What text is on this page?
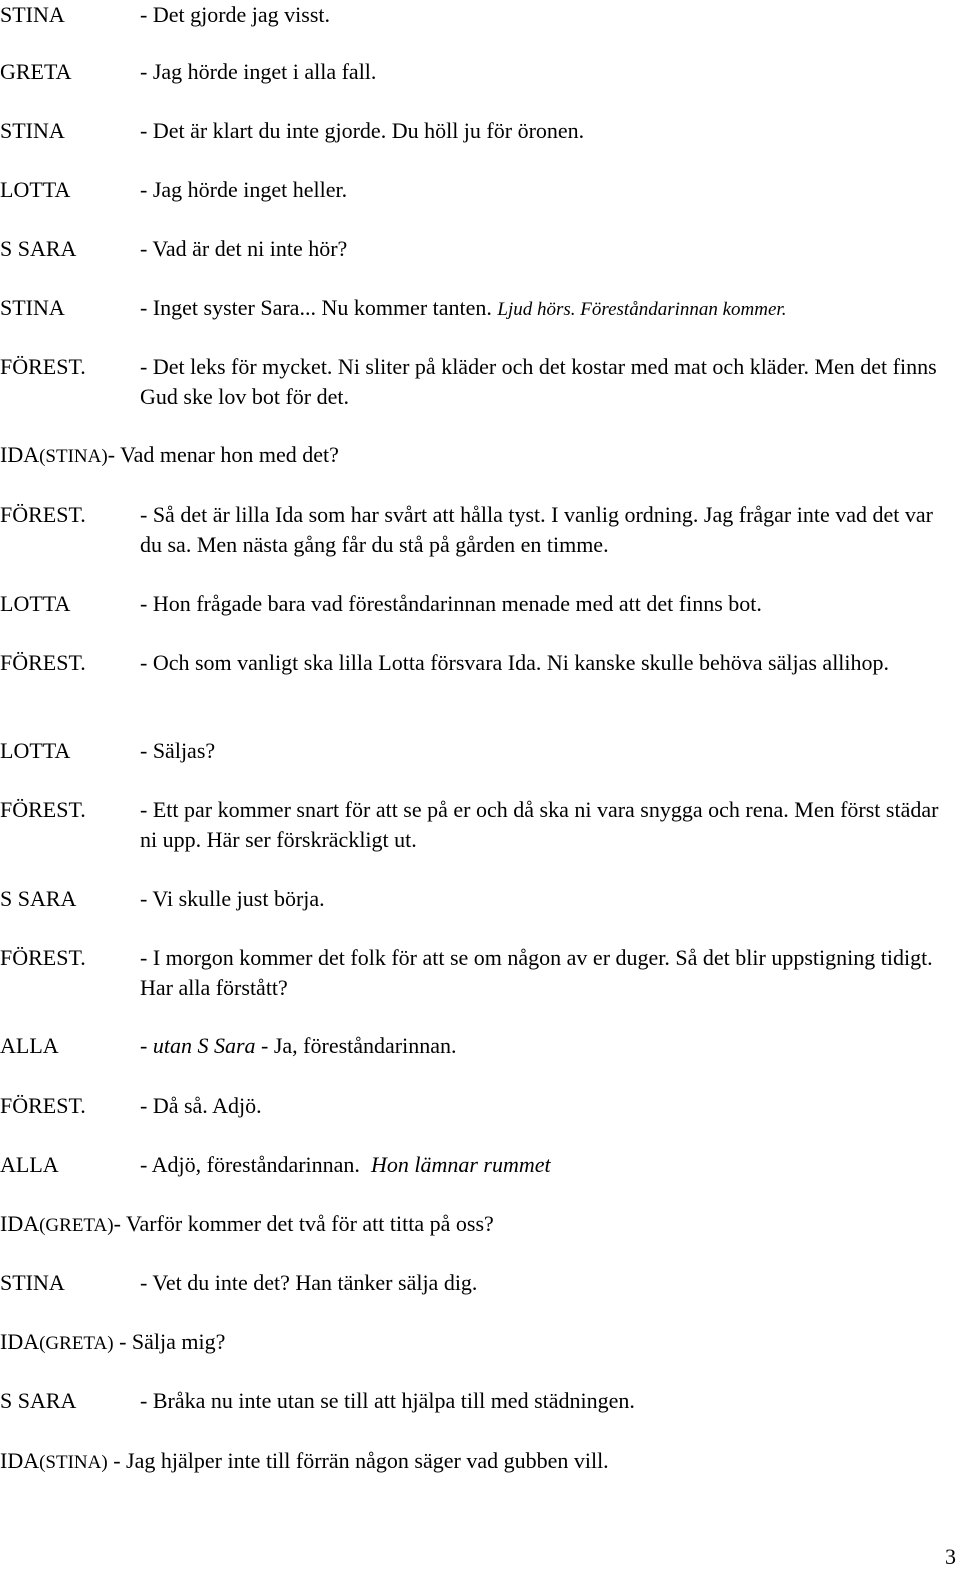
STINA	- Det gjorde jag visst.
GRETA	- Jag hörde inget i alla fall.
STINA	- Det är klart du inte gjorde. Du höll ju för öronen.
LOTTA	- Jag hörde inget heller.
S SARA	- Vad är det ni inte hör?
STINA	- Inget syster Sara... Nu kommer tanten. Ljud hörs. Föreståndarinnan kommer.
FÖREST. - Det leks för mycket. Ni sliter på kläder och det kostar med mat och kläder. Men det finns Gud ske lov bot för det.
IDA(STINA)- Vad menar hon med det?
FÖREST. - Så det är lilla Ida som har svårt att hålla tyst. I vanlig ordning. Jag frågar inte vad det var du sa. Men nästa gång får du stå på gården en timme.
LOTTA	- Hon frågade bara vad föreståndarinnan menade med att det finns bot.
FÖREST. - Och som vanligt ska lilla Lotta försvara Ida. Ni kanske skulle behöva säljas allihop.
LOTTA	- Säljas?
FÖREST. - Ett par kommer snart för att se på er och då ska ni vara snygga och rena. Men först städar ni upp. Här ser förskräckligt ut.
S SARA	- Vi skulle just börja.
FÖREST. - I morgon kommer det folk för att se om någon av er duger. Så det blir uppstigning tidigt. Har alla förstått?
ALLA	- utan S Sara - Ja, föreståndarinnan.
FÖREST. - Då så. Adjö.
ALLA	- Adjö, föreståndarinnan. Hon lämnar rummet
IDA(GRETA)- Varför kommer det två för att titta på oss?
STINA	- Vet du inte det? Han tänker sälja dig.
IDA(GRETA) - Sälja mig?
S SARA	- Bråka nu inte utan se till att hjälpa till med städningen.
IDA(STINA) - Jag hjälper inte till förrän någon säger vad gubben vill.
3
